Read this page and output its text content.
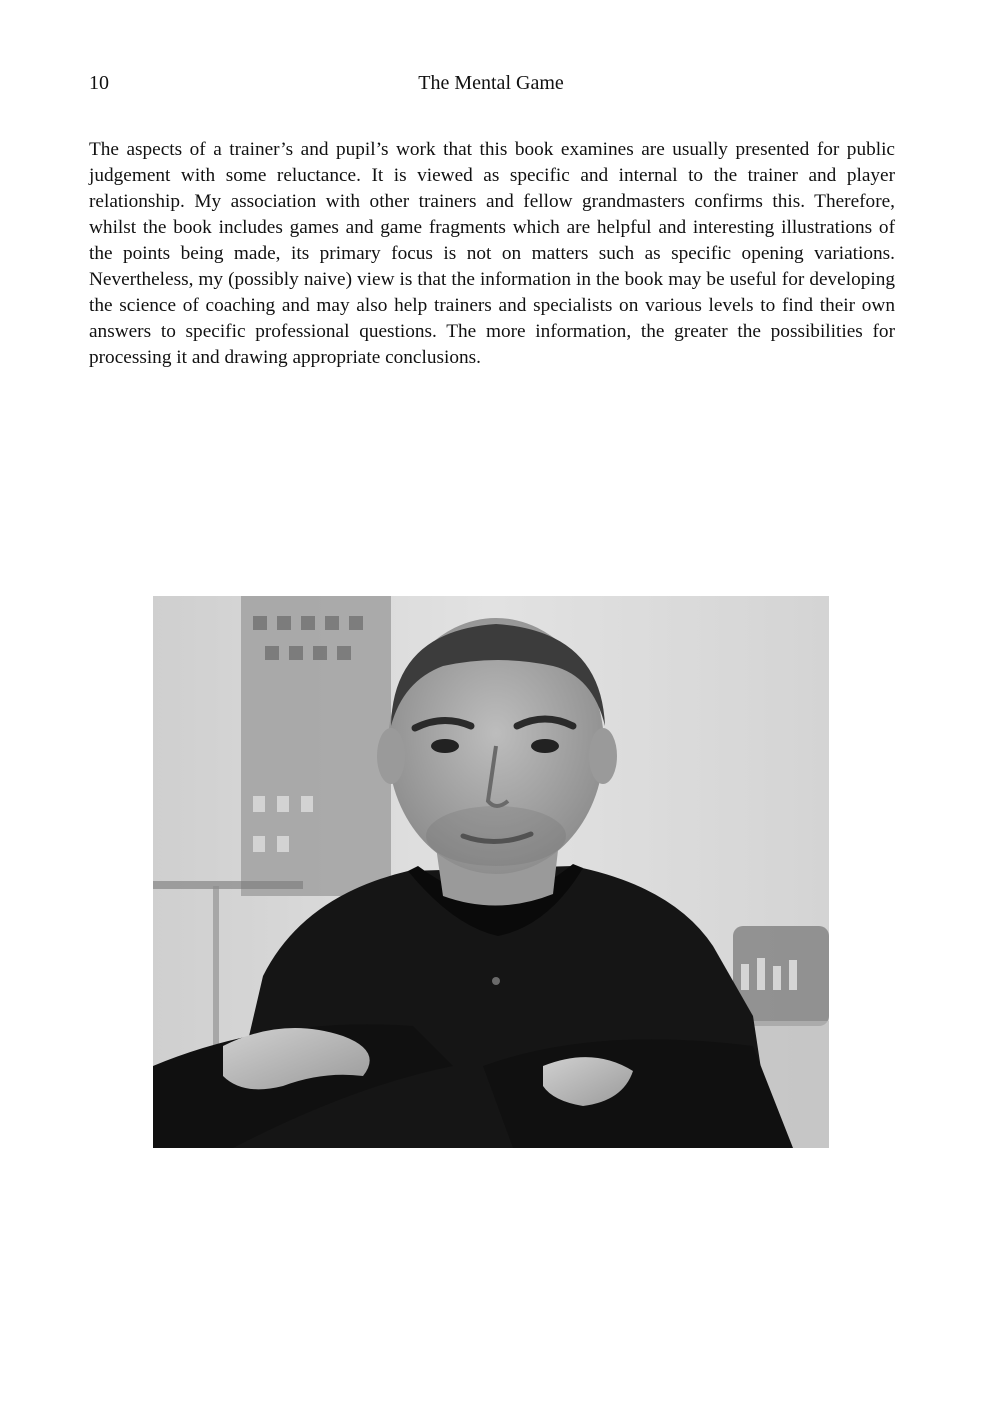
10	The Mental Game

The aspects of a trainer’s and pupil’s work that this book examines are usually presented for public judgement with some reluctance. It is viewed as specific and internal to the trainer and player relationship. My association with other trainers and fellow grandmasters confirms this. Therefore, whilst the book includes games and game fragments which are helpful and interesting illustrations of the points being made, its primary focus is not on matters such as specific opening variations. Nevertheless, my (possibly naive) view is that the information in the book may be useful for developing the science of coaching and may also help trainers and specialists on various levels to find their own answers to specific professional questions. The more information, the greater the possibilities for processing it and drawing appropriate conclusions.
